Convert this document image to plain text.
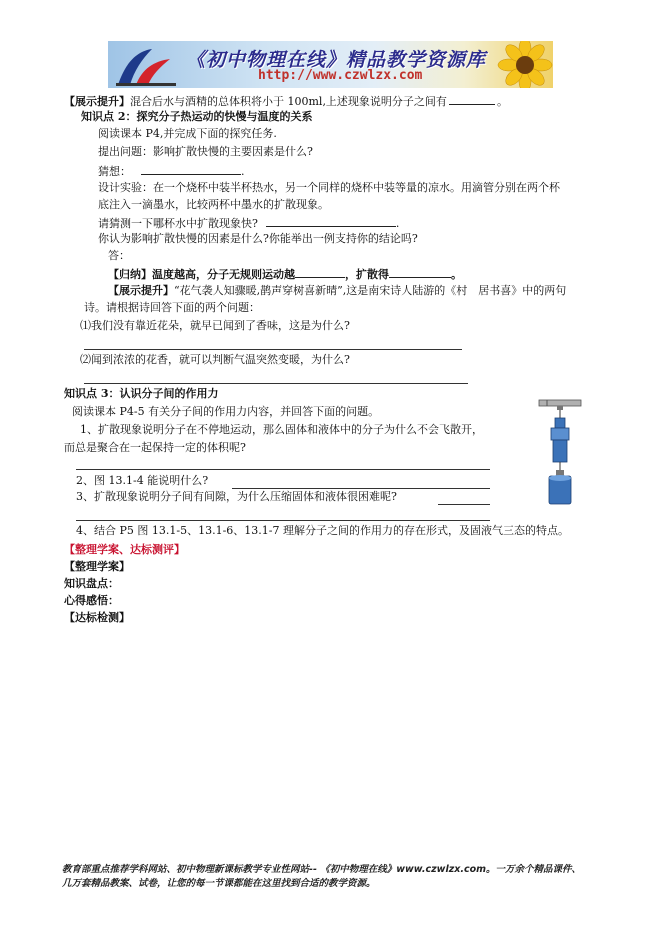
《初中物理在线》精品教学资源库
http://www.czwlzx.com
【展示提升】混合后水与酒精的总体积将小于 100ml,上述现象说明分子之间有	。
知识点 2：探究分子热运动的快慢与温度的关系
阅读课本 P4,并完成下面的探究任务.
提出问题：影响扩散快慢的主要因素是什么?
猜想：	.
设计实验：在一个烧杯中装半杯热水，另一个同样的烧杯中装等量的凉水。用滴管分别在两个杯
底注入一滴墨水，比较两杯中墨水的扩散现象。
请猜测一下哪杯水中扩散现象快?	.
你认为影响扩散快慢的因素是什么?你能举出一例支持你的结论吗?
答：
【归纳】温度越高，分子无规则运动越	，扩散得	。
【展示提升】“花气袭人知骤暖,鹊声穿树喜新晴”,这是南宋诗人陆游的《村　居书喜》中的两句
诗。请根据诗回答下面的两个问题：
⑴我们没有靠近花朵，就早已闻到了香味，这是为什么?
⑵闻到浓浓的花香，就可以判断气温突然变暖，为什么?
知识点 3：认识分子间的作用力
阅读课本 P4-5 有关分子间的作用力内容，并回答下面的问题。
1、扩散现象说明分子在不停地运动，那么固体和液体中的分子为什么不会飞散开，
而总是聚合在一起保持一定的体积呢?
2、图 13.1-4 能说明什么?
3、扩散现象说明分子间有间隙，为什么压缩固体和液体很困难呢?
4、结合 P5 图 13.1-5、13.1-6、13.1-7 理解分子之间的作用力的存在形式，及固液气三态的特点。
【整理学案、达标测评】
【整理学案】
知识盘点：
心得感悟：
【达标检测】
教育部重点推荐学科网站、初中物理新课标教学专业性网站-- 《初中物理在线》www.czwlzx.com。一万余个精品课件、
几万套精品教案、试卷，让您的每一节课都能在这里找到合适的教学资源。
